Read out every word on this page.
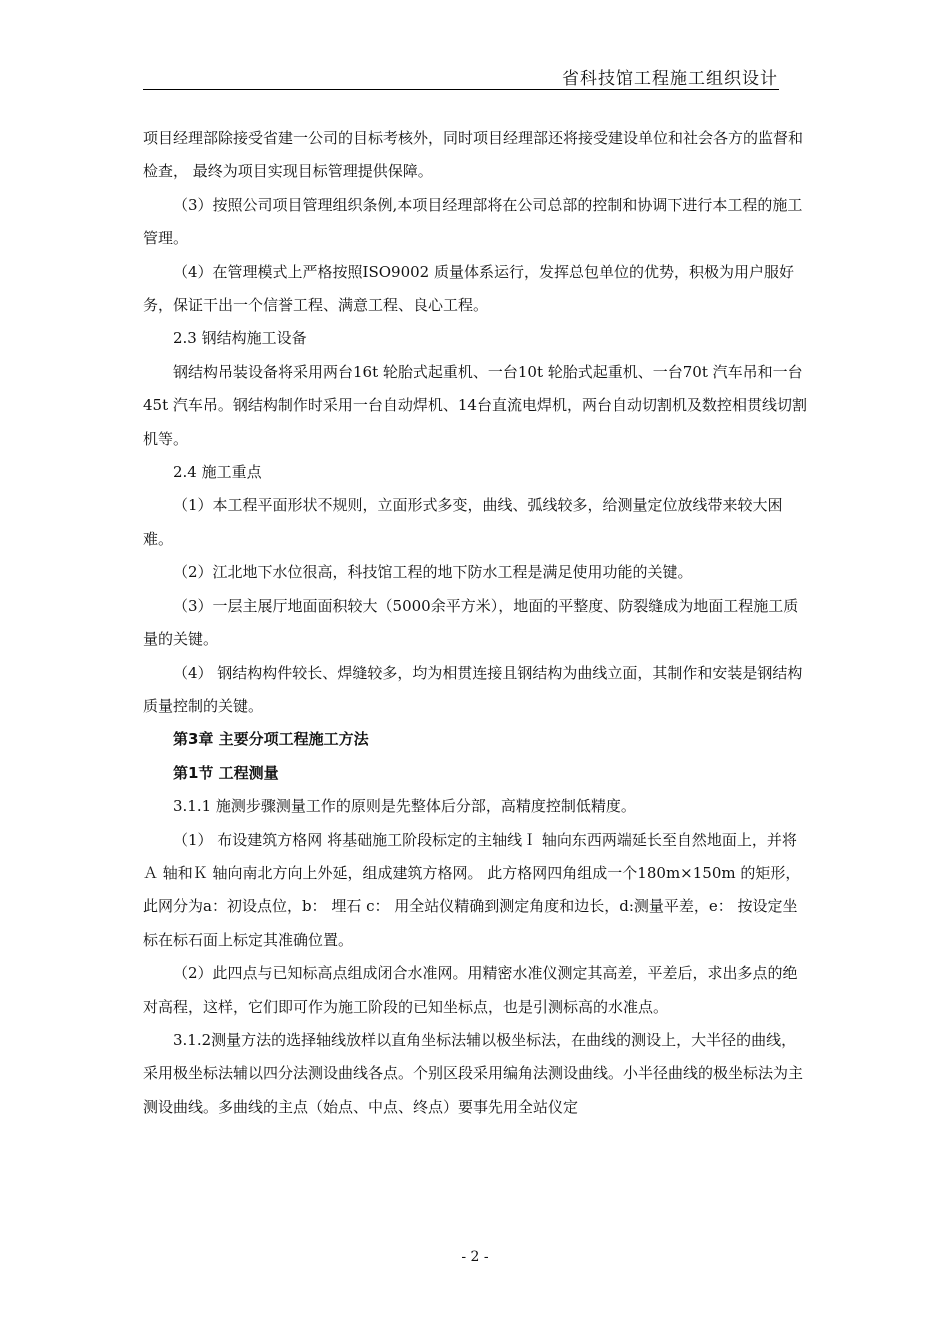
省科技馆工程施工组织设计

项目经理部除接受省建一公司的目标考核外，同时项目经理部还将接受建设单位和社会各方的监督和检查， 最终为项目实现目标管理提供保障。

（3）按照公司项目管理组织条例,本项目经理部将在公司总部的控制和协调下进行本工程的施工管理。

（4）在管理模式上严格按照ISO9002 质量体系运行，发挥总包单位的优势，积极为用户服好务，保证干出一个信誉工程、满意工程、良心工程。

2.3 钢结构施工设备

钢结构吊装设备将采用两台16t 轮胎式起重机、一台10t 轮胎式起重机、一台70t 汽车吊和一台45t 汽车吊。钢结构制作时采用一台自动焊机、14台直流电焊机，两台自动切割机及数控相贯线切割机等。

2.4 施工重点

（1）本工程平面形状不规则，立面形式多变，曲线、弧线较多，给测量定位放线带来较大困难。

（2）江北地下水位很高，科技馆工程的地下防水工程是满足使用功能的关键。

（3）一层主展厅地面面积较大（5000余平方米），地面的平整度、防裂缝成为地面工程施工质量的关键。

（4） 钢结构构件较长、焊缝较多，均为相贯连接且钢结构为曲线立面，其制作和安装是钢结构质量控制的关键。

第3章 主要分项工程施工方法

第1节 工程测量

3.1.1 施测步骤测量工作的原则是先整体后分部，高精度控制低精度。

（1） 布设建筑方格网 将基础施工阶段标定的主轴线Ｉ 轴向东西两端延长至自然地面上，并将Ａ 轴和Ｋ 轴向南北方向上外延，组成建筑方格网。 此方格网四角组成一个180m×150m 的矩形，此网分为a：初设点位，b： 埋石 c： 用全站仪精确到测定角度和边长，d:测量平差，e： 按设定坐标在标石面上标定其准确位置。

（2）此四点与已知标高点组成闭合水准网。用精密水准仪测定其高差，平差后，求出多点的绝对高程，这样，它们即可作为施工阶段的已知坐标点，也是引测标高的水准点。

3.1.2测量方法的选择轴线放样以直角坐标法辅以极坐标法，在曲线的测设上，大半径的曲线，采用极坐标法辅以四分法测设曲线各点。个别区段采用编角法测设曲线。小半径曲线的极坐标法为主测设曲线。多曲线的主点（始点、中点、终点）要事先用全站仪定

- 2 -
